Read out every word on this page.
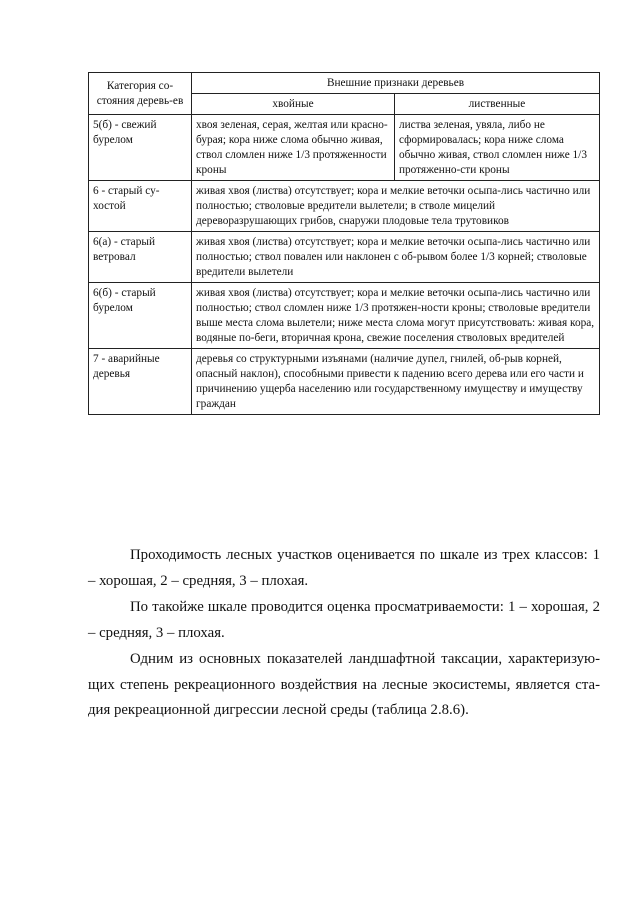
Категория со-стояния деревь-ев	Внешние признаки деревьев	
	хвойные	лиственные
5(б) - свежий бурелом	хвоя зеленая, серая, желтая или красно-бурая; кора ниже слома обычно живая, ствол сломлен ниже 1/3 протяженности кроны	листва зеленая, увяла, либо не сформировалась; кора ниже слома обычно живая, ствол сломлен ниже 1/3 протяженно-сти кроны
6 - старый су-хостой	живая хвоя (листва) отсутствует; кора и мелкие веточки осыпа-лись частично или полностью; стволовые вредители вылетели; в стволе мицелий дереворазрушающих грибов, снаружи плодовые тела трутовиков	
6(а) - старый ветровал	живая хвоя (листва) отсутствует; кора и мелкие веточки осыпа-лись частично или полностью; ствол повален или наклонен с об-рывом более 1/3 корней; стволовые вредители вылетели	
6(б) - старый бурелом	живая хвоя (листва) отсутствует; кора и мелкие веточки осыпа-лись частично или полностью; ствол сломлен ниже 1/3 протяжен-ности кроны; стволовые вредители выше места слома вылетели; ниже места слома могут присутствовать: живая кора, водяные по-беги, вторичная крона, свежие поселения стволовых вредителей	
7 - аварийные деревья	деревья со структурными изъянами (наличие дупел, гнилей, об-рыв корней, опасный наклон), способными привести к падению всего дерева или его части и причинению ущерба населению или государственному имуществу и имуществу граждан	

Проходимость лесных участков оценивается по шкале из трех классов: 1 – хорошая, 2 – средняя, 3 – плохая.

По такойже шкале проводится оценка просматриваемости: 1 – хорошая, 2 – средняя, 3 – плохая.

Одним из основных показателей ландшафтной таксации, характеризую-щих степень рекреационного воздействия на лесные экосистемы, является ста-дия рекреационной дигрессии лесной среды (таблица 2.8.6).
